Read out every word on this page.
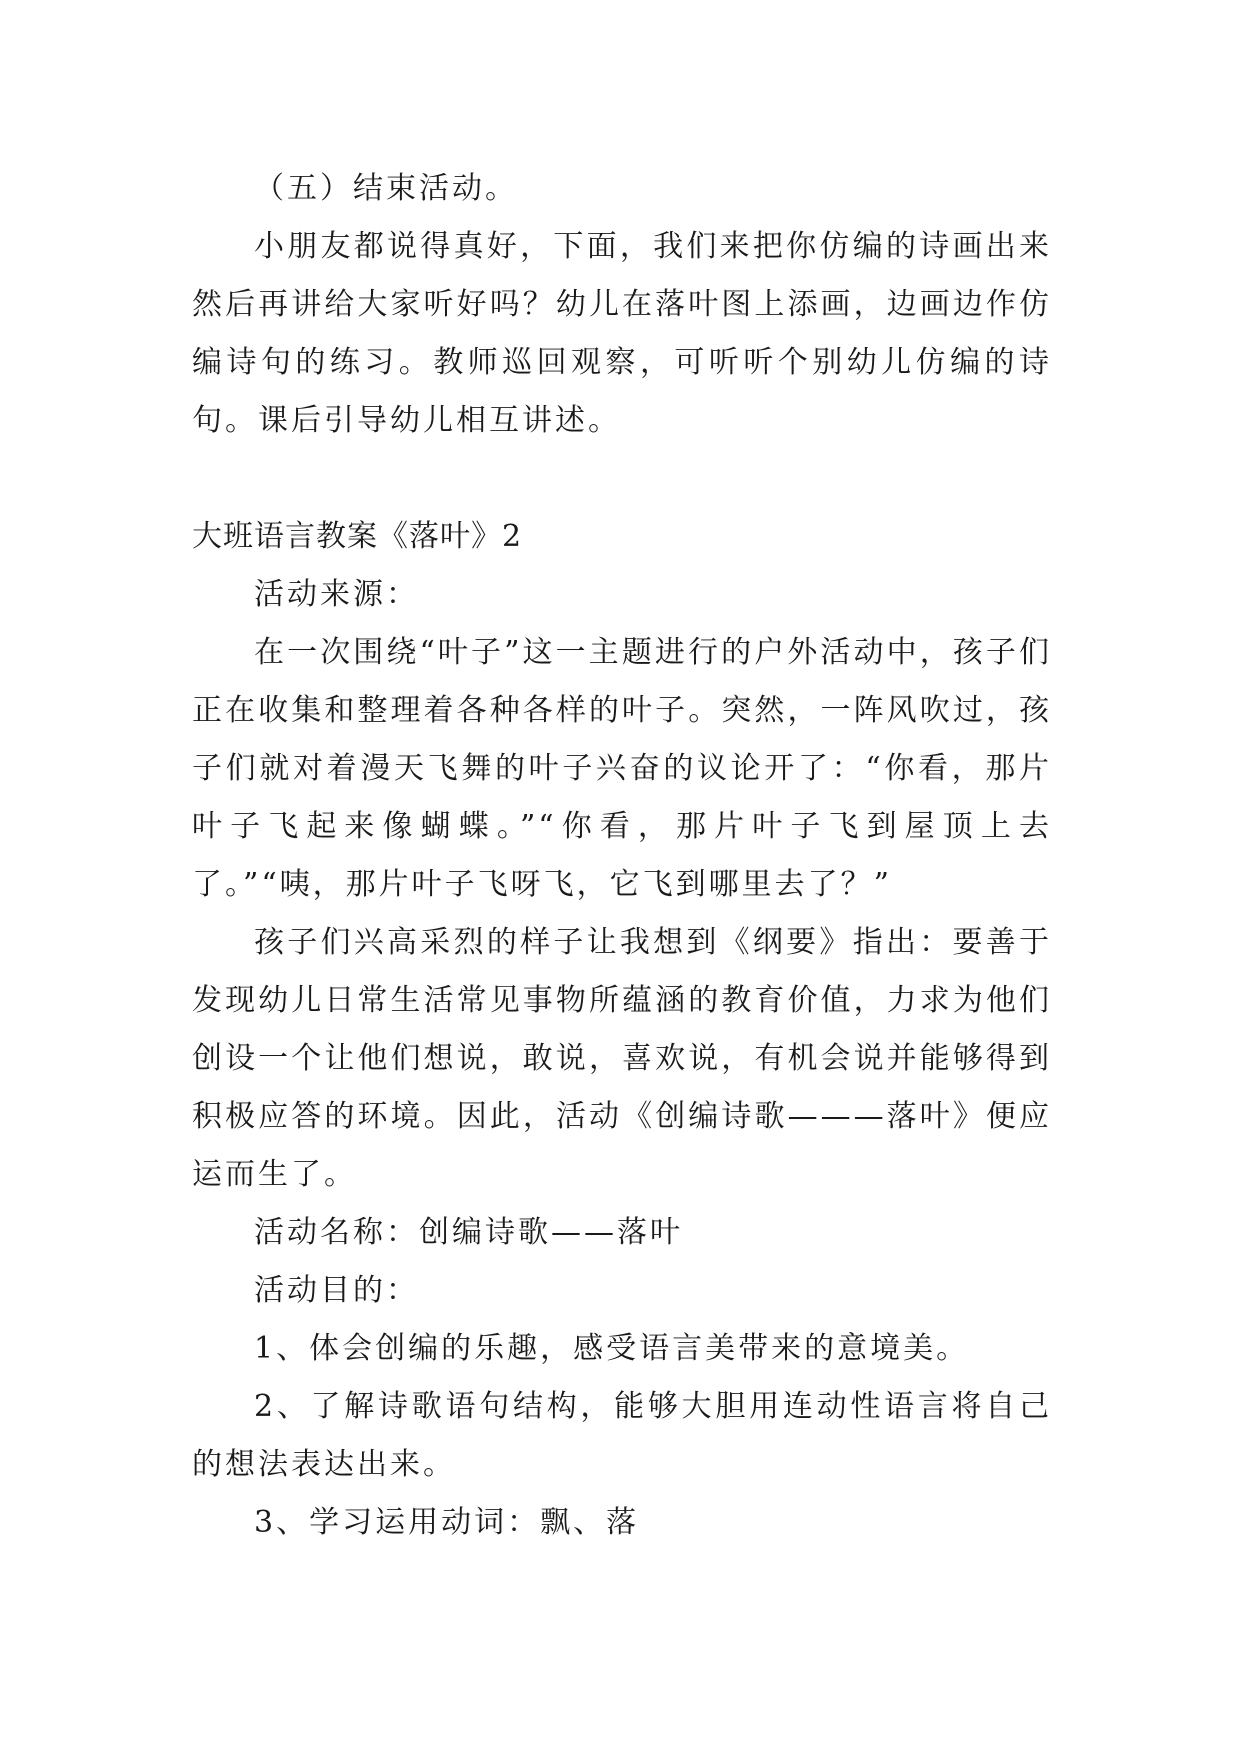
（五）结束活动。

小朋友都说得真好，下面，我们来把你仿编的诗画出来然后再讲给大家听好吗？幼儿在落叶图上添画，边画边作仿编诗句的练习。教师巡回观察，可听听个别幼儿仿编的诗句。课后引导幼儿相互讲述。

大班语言教案《落叶》2

活动来源：

在一次围绕“叶子”这一主题进行的户外活动中，孩子们正在收集和整理着各种各样的叶子。突然，一阵风吹过，孩子们就对着漫天飞舞的叶子兴奋的议论开了：“你看，那片叶子飞起来像蝴蝶。”“你看，那片叶子飞到屋顶上去了。”“咦，那片叶子飞呀飞，它飞到哪里去了？”

孩子们兴高采烈的样子让我想到《纲要》指出：要善于发现幼儿日常生活常见事物所蕴涵的教育价值，力求为他们创设一个让他们想说，敢说，喜欢说，有机会说并能够得到积极应答的环境。因此，活动《创编诗歌———落叶》便应运而生了。

活动名称：创编诗歌——落叶

活动目的：

1、体会创编的乐趣，感受语言美带来的意境美。

2、了解诗歌语句结构，能够大胆用连动性语言将自己的想法表达出来。

3、学习运用动词：飘、落
